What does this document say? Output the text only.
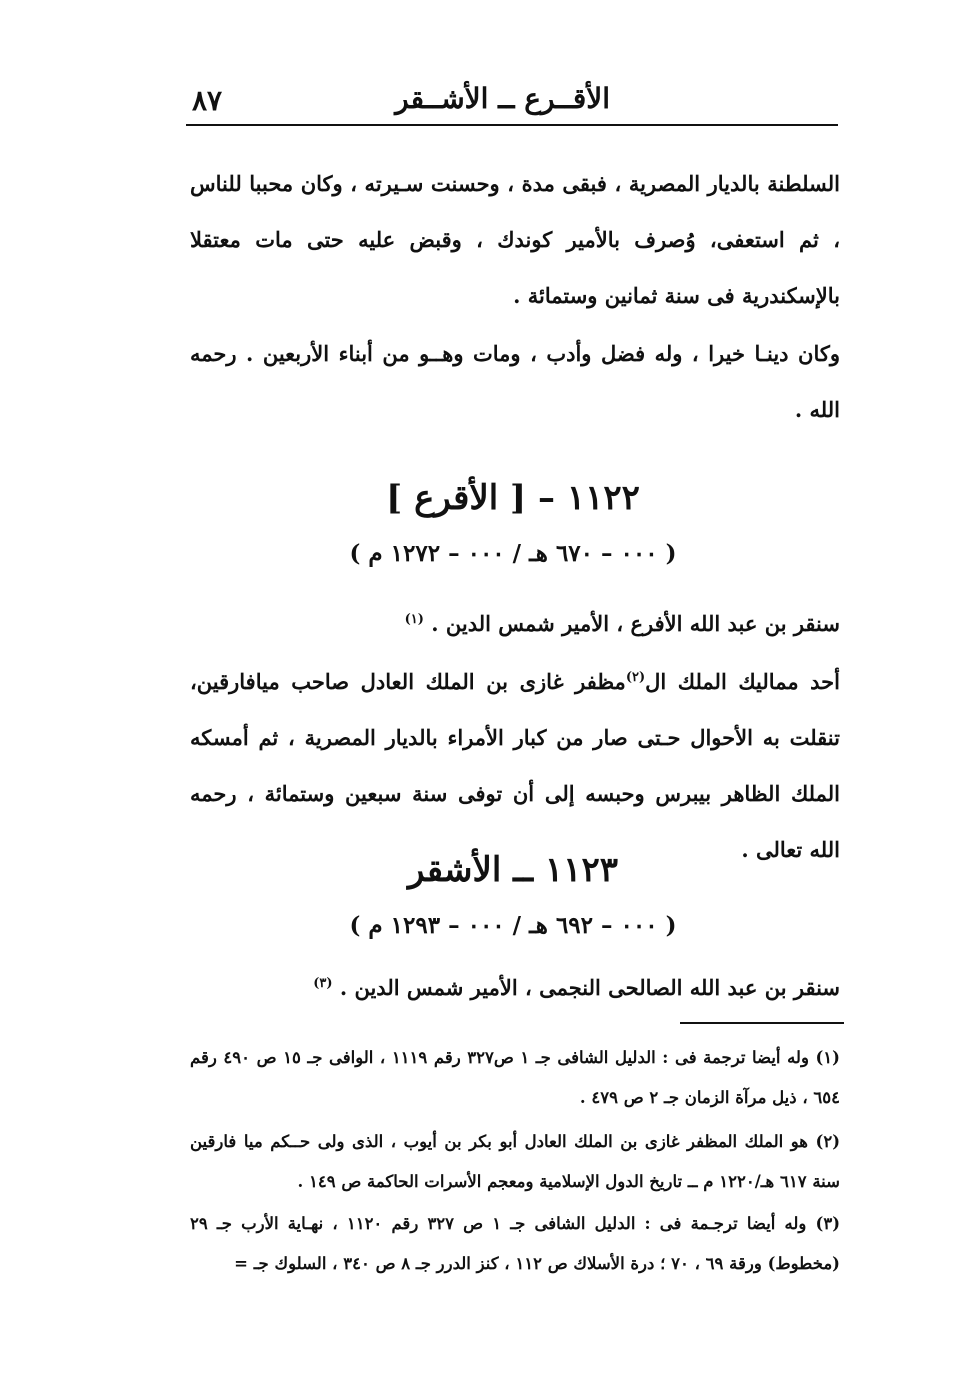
الأقــرع ــ الأشــقر
٨٧
السلطنة بالديار المصرية ، فبقى مدة ، وحسنت سـيرته ، وكان محببا للناس ، ثم استعفى، وُصرف بالأمير كوندك ، وقبض عليه حتى مات معتقلا بالإسكندرية فى سنة ثمانين وستمائة .
وكان دينـا خيرا ، وله فضل وأدب ، ومات وهــو من أبناء الأربعين . رحمه الله .
١١٢٢ – [ الأقرع ]
( ٠٠٠ – ٦٧٠ هـ / ٠٠٠ – ١٢٧٢ م )
سنقر بن عبد الله الأفرع ، الأمير شمس الدين . $^{(١)}$
أحد مماليك الملك ال$^{(٢)}$مظفر غازى بن الملك العادل صاحب ميافارقين، تنقلت به الأحوال حـتى صار من كبار الأمراء بالديار المصرية ، ثم أمسكه الملك الظاهر بيبرس وحبسه إلى أن توفى سنة سبعين وستمائة ، رحمه الله تعالى .
١١٢٣ ــ الأشقر
( ٠٠٠ – ٦٩٢ هـ / ٠٠٠ – ١٢٩٣ م )
سنقر بن عبد الله الصالحى النجمى ، الأمير شمس الدين . $^{(٣)}$
(١) وله أيضا ترجمة فى : الدليل الشافى جـ ١ ص٣٢٧ رقم ١١١٩ ، الوافى جـ ١٥ ص ٤٩٠ رقم ٦٥٤ ، ذيل مرآة الزمان جـ ٢ ص ٤٧٩ .
(٢) هو الملك المظفر غازى بن الملك العادل أبو بكر بن أيوب ، الذى ولى حــكم ميا فارقين سنة ٦١٧ هـ/١٢٢٠ م ــ تاريخ الدول الإسلامية ومعجم الأسرات الحاكمة ص ١٤٩ .
(٣) وله أيضا ترجـمة فى : الدليل الشافى جـ ١ ص ٣٢٧ رقم ١١٢٠ ، نهـاية الأرب جـ ٢٩ (مخطوط) ورقة ٦٩ ، ٧٠ ؛ درة الأسلاك ص ١١٢ ، كنز الدرر جـ ٨ ص ٣٤٠ ، السلوك جـ =
